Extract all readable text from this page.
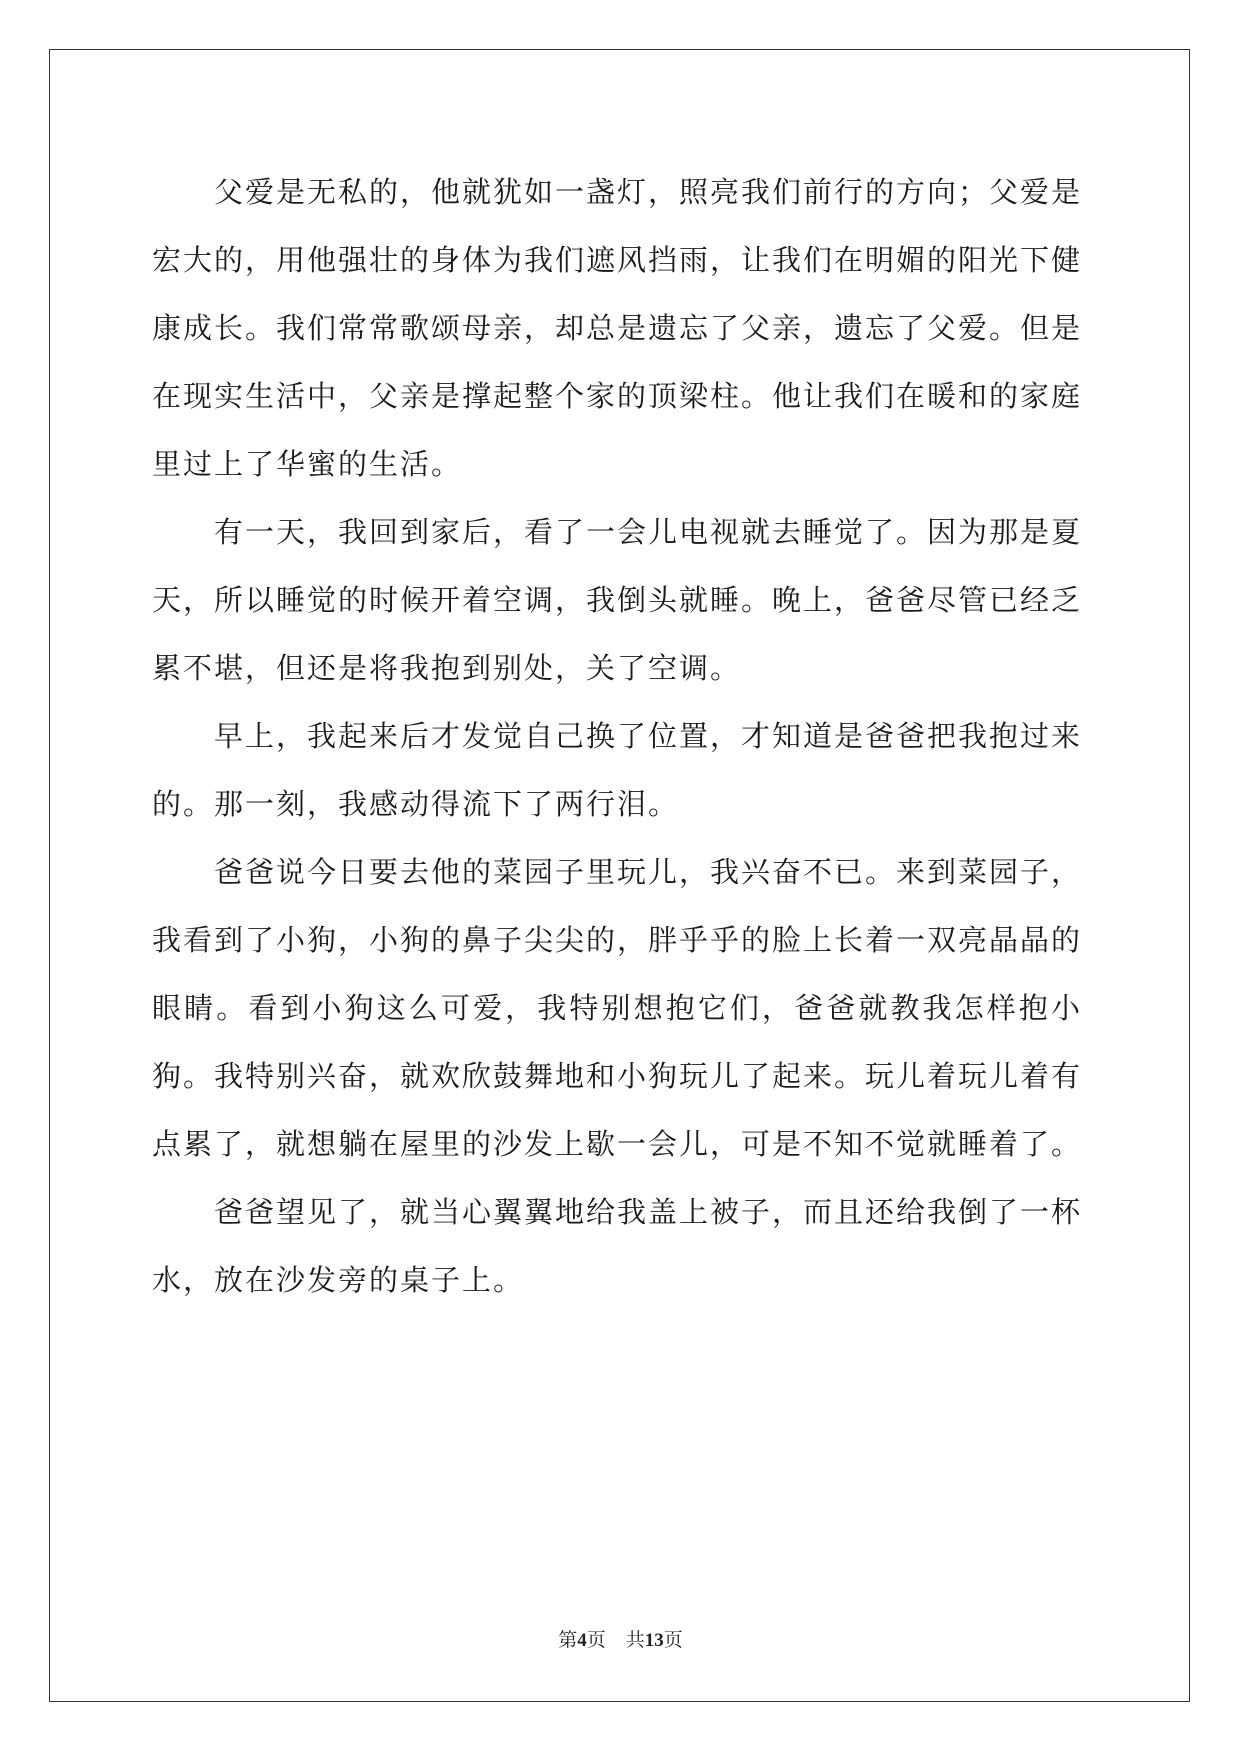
父爱是无私的，他就犹如一盏灯，照亮我们前行的方向；父爱是宏大的，用他强壮的身体为我们遮风挡雨，让我们在明媚的阳光下健康成长。我们常常歌颂母亲，却总是遗忘了父亲，遗忘了父爱。但是在现实生活中，父亲是撑起整个家的顶梁柱。他让我们在暖和的家庭里过上了华蜜的生活。

有一天，我回到家后，看了一会儿电视就去睡觉了。因为那是夏天，所以睡觉的时候开着空调，我倒头就睡。晚上，爸爸尽管已经乏累不堪，但还是将我抱到别处，关了空调。

早上，我起来后才发觉自己换了位置，才知道是爸爸把我抱过来的。那一刻，我感动得流下了两行泪。

爸爸说今日要去他的菜园子里玩儿，我兴奋不已。来到菜园子，我看到了小狗，小狗的鼻子尖尖的，胖乎乎的脸上长着一双亮晶晶的眼睛。看到小狗这么可爱，我特别想抱它们，爸爸就教我怎样抱小狗。我特别兴奋，就欢欣鼓舞地和小狗玩儿了起来。玩儿着玩儿着有点累了，就想躺在屋里的沙发上歇一会儿，可是不知不觉就睡着了。

爸爸望见了，就当心翼翼地给我盖上被子，而且还给我倒了一杯水，放在沙发旁的桌子上。

第4页 共13页
